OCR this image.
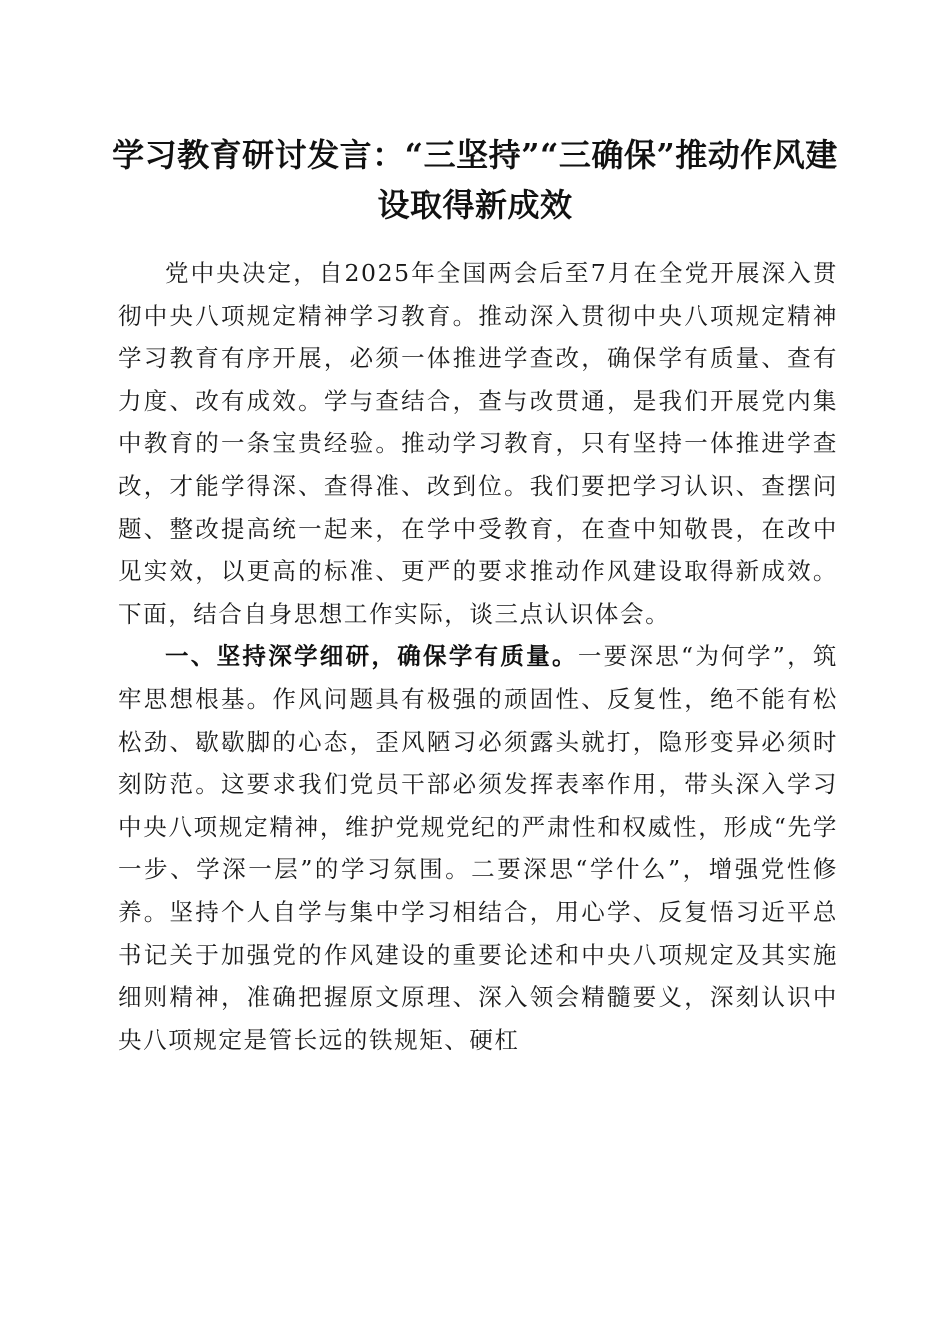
学习教育研讨发言：“三坚持”“三确保”推动作风建设取得新成效

党中央决定，自2025年全国两会后至7月在全党开展深入贯彻中央八项规定精神学习教育。推动深入贯彻中央八项规定精神学习教育有序开展，必须一体推进学查改，确保学有质量、查有力度、改有成效。学与查结合，查与改贯通，是我们开展党内集中教育的一条宝贵经验。推动学习教育，只有坚持一体推进学查改，才能学得深、查得准、改到位。我们要把学习认识、查摆问题、整改提高统一起来，在学中受教育，在查中知敬畏，在改中见实效，以更高的标准、更严的要求推动作风建设取得新成效。下面，结合自身思想工作实际，谈三点认识体会。

一、坚持深学细研，确保学有质量。一要深思“为何学”，筑牢思想根基。作风问题具有极强的顽固性、反复性，绝不能有松松劲、歇歇脚的心态，歪风陋习必须露头就打，隐形变异必须时刻防范。这要求我们党员干部必须发挥表率作用，带头深入学习中央八项规定精神，维护党规党纪的严肃性和权威性，形成“先学一步、学深一层”的学习氛围。二要深思“学什么”，增强党性修养。坚持个人自学与集中学习相结合，用心学、反复悟习近平总书记关于加强党的作风建设的重要论述和中央八项规定及其实施细则精神，准确把握原文原理、深入领会精髓要义，深刻认识中央八项规定是管长远的铁规矩、硬杠
